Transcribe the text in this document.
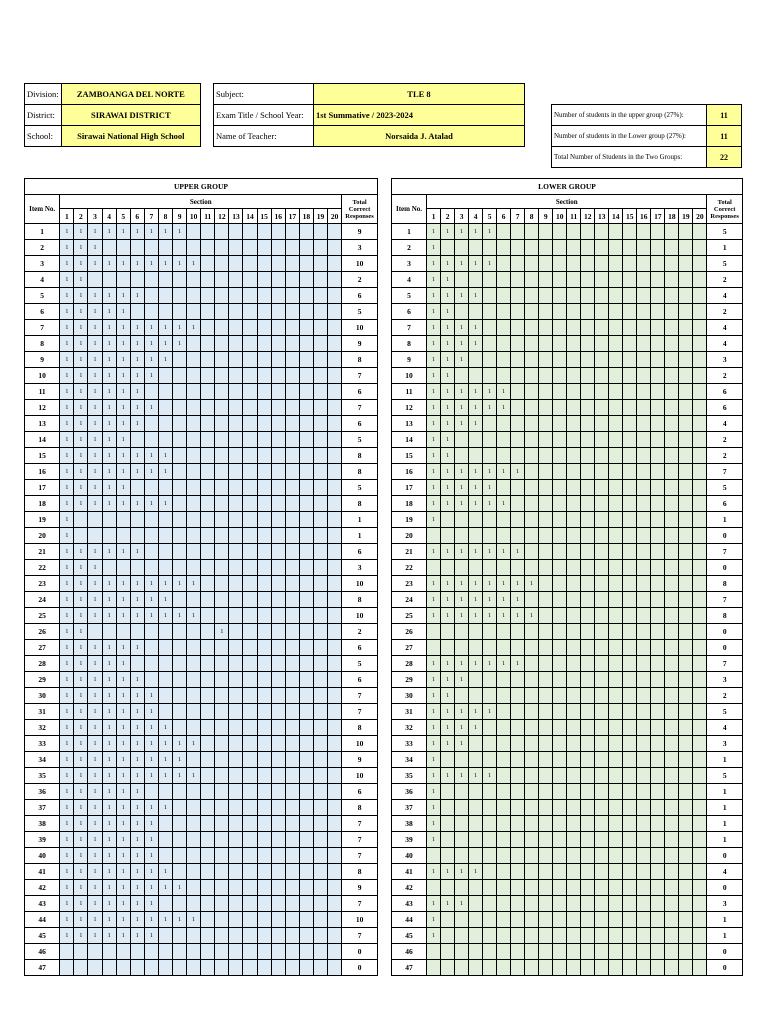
Division:	ZAMBOANGA DEL NORTE
District:	SIRAWAI DISTRICT
School:	Sirawai National High School
Subject:	TLE 8
Exam Title / School Year:	1st Summative / 2023-2024
Name of Teacher:	Norsaida J. Atalad
Number of students in the upper group (27%):	11
Number of students in the Lower group (27%):	11
Total Number of Students in the Two Groups:	22
UPPER GROUP																					
Item No.	Section																				Total Correct Responses
	1	2	3	4	5	6	7	8	9	10	11	12	13	14	15	16	17	18	19	20	
1	1	1	1	1	1	1	1	1	1												9
2	1	1	1																		3
3	1	1	1	1	1	1	1	1	1	1											10
4	1	1																			2
5	1	1	1	1	1	1															6
6	1	1	1	1	1																5
7	1	1	1	1	1	1	1	1	1	1											10
8	1	1	1	1	1	1	1	1	1												9
9	1	1	1	1	1	1	1	1													8
10	1	1	1	1	1	1	1														7
11	1	1	1	1	1	1															6
12	1	1	1	1	1	1	1														7
13	1	1	1	1	1	1															6
14	1	1	1	1	1																5
15	1	1	1	1	1	1	1	1													8
16	1	1	1	1	1	1	1	1													8
17	1	1	1	1	1																5
18	1	1	1	1	1	1	1	1													8
19	1																				1
20	1																				1
21	1	1	1	1	1	1															6
22	1	1	1																		3
23	1	1	1	1	1	1	1	1	1	1											10
24	1	1	1	1	1	1	1	1													8
25	1	1	1	1	1	1	1	1	1	1											10
26	1	1										1									2
27	1	1	1	1	1	1															6
28	1	1	1	1	1																5
29	1	1	1	1	1	1															6
30	1	1	1	1	1	1	1														7
31	1	1	1	1	1	1	1														7
32	1	1	1	1	1	1	1	1													8
33	1	1	1	1	1	1	1	1	1	1											10
34	1	1	1	1	1	1	1	1	1												9
35	1	1	1	1	1	1	1	1	1	1											10
36	1	1	1	1	1	1															6
37	1	1	1	1	1	1	1	1													8
38	1	1	1	1	1	1	1														7
39	1	1	1	1	1	1	1														7
40	1	1	1	1	1	1	1														7
41	1	1	1	1	1	1	1	1													8
42	1	1	1	1	1	1	1	1	1												9
43	1	1	1	1	1	1	1														7
44	1	1	1	1	1	1	1	1	1	1											10
45	1	1	1	1	1	1	1														7
46																					0
47																					0
LOWER GROUP																					
Item No.	Section																				Total Correct Responses
	1	2	3	4	5	6	7	8	9	10	11	12	13	14	15	16	17	18	19	20	
1	1	1	1	1	1																5
2	1																				1
3	1	1	1	1	1																5
4	1	1																			2
5	1	1	1	1																	4
6	1	1																			2
7	1	1	1	1																	4
8	1	1	1	1																	4
9	1	1	1																		3
10	1	1																			2
11	1	1	1	1	1	1															6
12	1	1	1	1	1	1															6
13	1	1	1	1																	4
14	1	1																			2
15	1	1																			2
16	1	1	1	1	1	1	1														7
17	1	1	1	1	1																5
18	1	1	1	1	1	1															6
19	1																				1
20																					0
21	1	1	1	1	1	1	1														7
22																					0
23	1	1	1	1	1	1	1	1													8
24	1	1	1	1	1	1	1														7
25	1	1	1	1	1	1	1	1													8
26																					0
27																					0
28	1	1	1	1	1	1	1														7
29	1	1	1																		3
30	1	1																			2
31	1	1	1	1	1																5
32	1	1	1	1																	4
33	1	1	1																		3
34	1																				1
35	1	1	1	1	1																5
36	1																				1
37	1																				1
38	1																				1
39	1																				1
40																					0
41	1	1	1	1																	4
42																					0
43	1	1	1																		3
44	1																				1
45	1																				1
46																					0
47																					0
